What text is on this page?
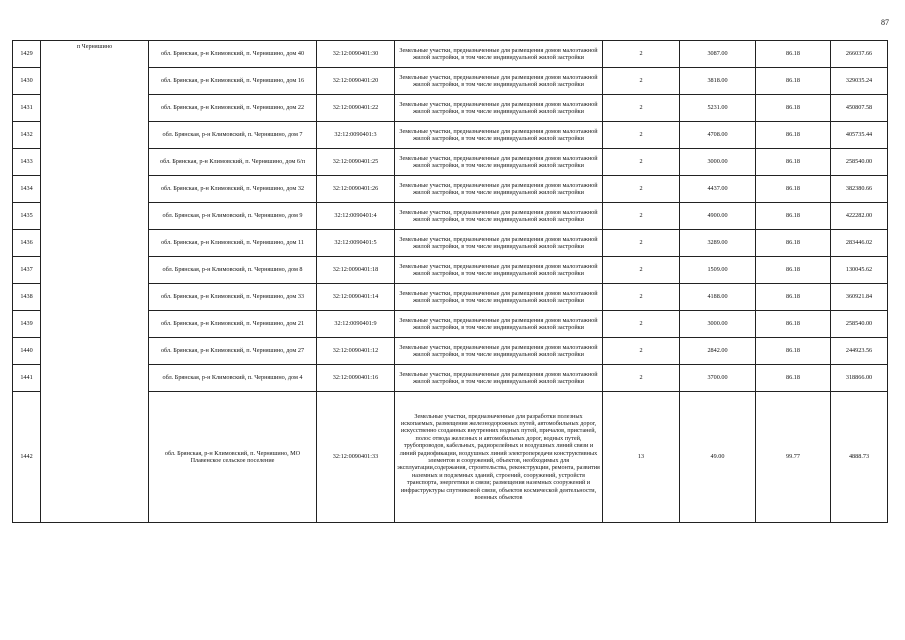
87
1429	п Черняшино	обл. Брянская, р-н Климовский, п. Черняшино, дом 40	32:12:0090401:30	Земельные участки, предназначенные для размещения домов малоэтажной жилой застройки, в том числе индивидуальной жилой застройки	2	3087.00	86.18	266037.66
1430		обл. Брянская, р-н Климовский, п. Черняшино, дом 16	32:12:0090401:20	Земельные участки, предназначенные для размещения домов малоэтажной жилой застройки, в том числе индивидуальной жилой застройки	2	3818.00	86.18	329035.24
1431		обл. Брянская, р-н Климовский, п. Черняшино, дом 22	32:12:0090401:22	Земельные участки, предназначенные для размещения домов малоэтажной жилой застройки, в том числе индивидуальной жилой застройки	2	5231.00	86.18	450807.58
1432		обл. Брянская, р-н Климовский, п. Черняшино, дом 7	32:12:0090401:3	Земельные участки, предназначенные для размещения домов малоэтажной жилой застройки, в том числе индивидуальной жилой застройки	2	4708.00	86.18	405735.44
1433		обл. Брянская, р-н Климовский, п. Черняшино, дом 6/п	32:12:0090401:25	Земельные участки, предназначенные для размещения домов малоэтажной жилой застройки, в том числе индивидуальной жилой застройки	2	3000.00	86.18	258540.00
1434		обл. Брянская, р-н Климовский, п. Черняшино, дом 32	32:12:0090401:26	Земельные участки, предназначенные для размещения домов малоэтажной жилой застройки, в том числе индивидуальной жилой застройки	2	4437.00	86.18	382380.66
1435		обл. Брянская, р-н Климовский, п. Черняшино, дом 9	32:12:0090401:4	Земельные участки, предназначенные для размещения домов малоэтажной жилой застройки, в том числе индивидуальной жилой застройки	2	4900.00	86.18	422282.00
1436		обл. Брянская, р-н Климовский, п. Черняшино, дом 11	32:12:0090401:5	Земельные участки, предназначенные для размещения домов малоэтажной жилой застройки, в том числе индивидуальной жилой застройки	2	3289.00	86.18	283446.02
1437		обл. Брянская, р-н Климовский, п. Черняшино, дом 8	32:12:0090401:18	Земельные участки, предназначенные для размещения домов малоэтажной жилой застройки, в том числе индивидуальной жилой застройки	2	1509.00	86.18	130045.62
1438		обл. Брянская, р-н Климовский, п. Черняшино, дом 33	32:12:0090401:14	Земельные участки, предназначенные для размещения домов малоэтажной жилой застройки, в том числе индивидуальной жилой застройки	2	4188.00	86.18	360921.84
1439		обл. Брянская, р-н Климовский, п. Черняшино, дом 21	32:12:0090401:9	Земельные участки, предназначенные для размещения домов малоэтажной жилой застройки, в том числе индивидуальной жилой застройки	2	3000.00	86.18	258540.00
1440		обл. Брянская, р-н Климовский, п. Черняшино, дом 27	32:12:0090401:12	Земельные участки, предназначенные для размещения домов малоэтажной жилой застройки, в том числе индивидуальной жилой застройки	2	2842.00	86.18	244923.56
1441		обл. Брянская, р-н Климовский, п. Черняшино, дом 4	32:12:0090401:16	Земельные участки, предназначенные для размещения домов малоэтажной жилой застройки, в том числе индивидуальной жилой застройки	2	3700.00	86.18	318866.00
1442		обл. Брянская, р-н Климовский, п. Черняшино, МО Плавенское сельское поселение	32:12:0090401:33	Земельные участки, предназначенные для разработки полезных ископаемых, размещения железнодорожных путей, автомобильных дорог, искусственно созданных внутренних водных путей, причалов, пристаней, полос отвода железных и автомобильных дорог, водных путей, трубопроводов, кабельных, радиорелейных и воздушных линий связи и линий радиофикации, воздушных линий электропередачи конструктивных элементов и сооружений, объектов, необходимых для эксплуатации,содержания, строительства, реконструкции, ремонта, развития наземных и подземных зданий, строений, сооружений, устройств транспорта, энергетики и связи; размещения наземных сооружений и инфраструктуры спутниковой связи, объектов космической деятельности, военных объектов	13	49.00	99.77	4888.73
